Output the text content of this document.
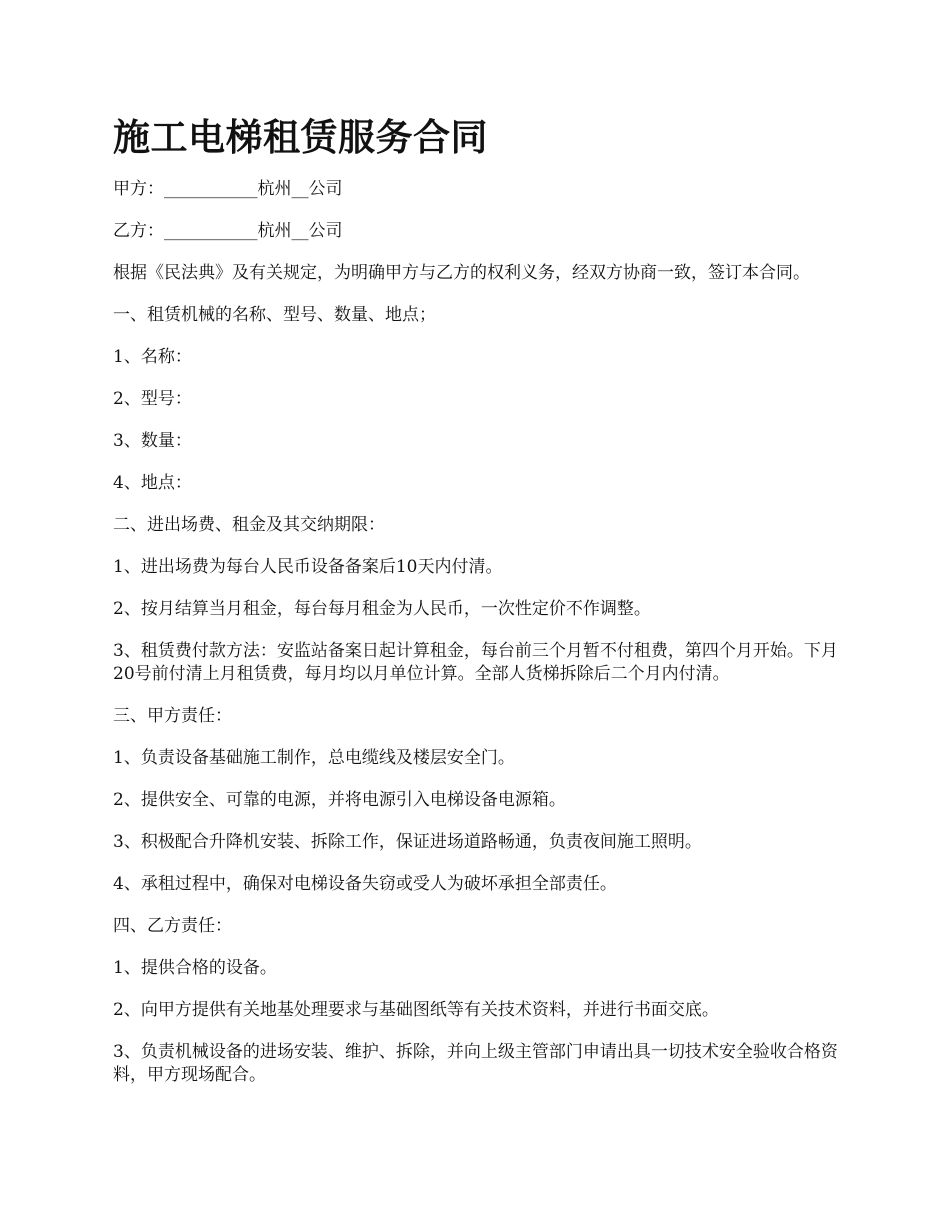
施工电梯租赁服务合同

甲方：___________杭州__公司

乙方：___________杭州__公司

根据《民法典》及有关规定，为明确甲方与乙方的权利义务，经双方协商一致，签订本合同。

一、租赁机械的名称、型号、数量、地点；

1、名称：

2、型号：

3、数量：

4、地点：

二、进出场费、租金及其交纳期限：

1、进出场费为每台人民币设备备案后10天内付清。

2、按月结算当月租金，每台每月租金为人民币，一次性定价不作调整。

3、租赁费付款方法：安监站备案日起计算租金，每台前三个月暂不付租费，第四个月开始。下月20号前付清上月租赁费，每月均以月单位计算。全部人货梯拆除后二个月内付清。

三、甲方责任：

1、负责设备基础施工制作，总电缆线及楼层安全门。

2、提供安全、可靠的电源，并将电源引入电梯设备电源箱。

3、积极配合升降机安装、拆除工作，保证进场道路畅通，负责夜间施工照明。

4、承租过程中，确保对电梯设备失窃或受人为破坏承担全部责任。

四、乙方责任：

1、提供合格的设备。

2、向甲方提供有关地基处理要求与基础图纸等有关技术资料，并进行书面交底。

3、负责机械设备的进场安装、维护、拆除，并向上级主管部门申请出具一切技术安全验收合格资料，甲方现场配合。
